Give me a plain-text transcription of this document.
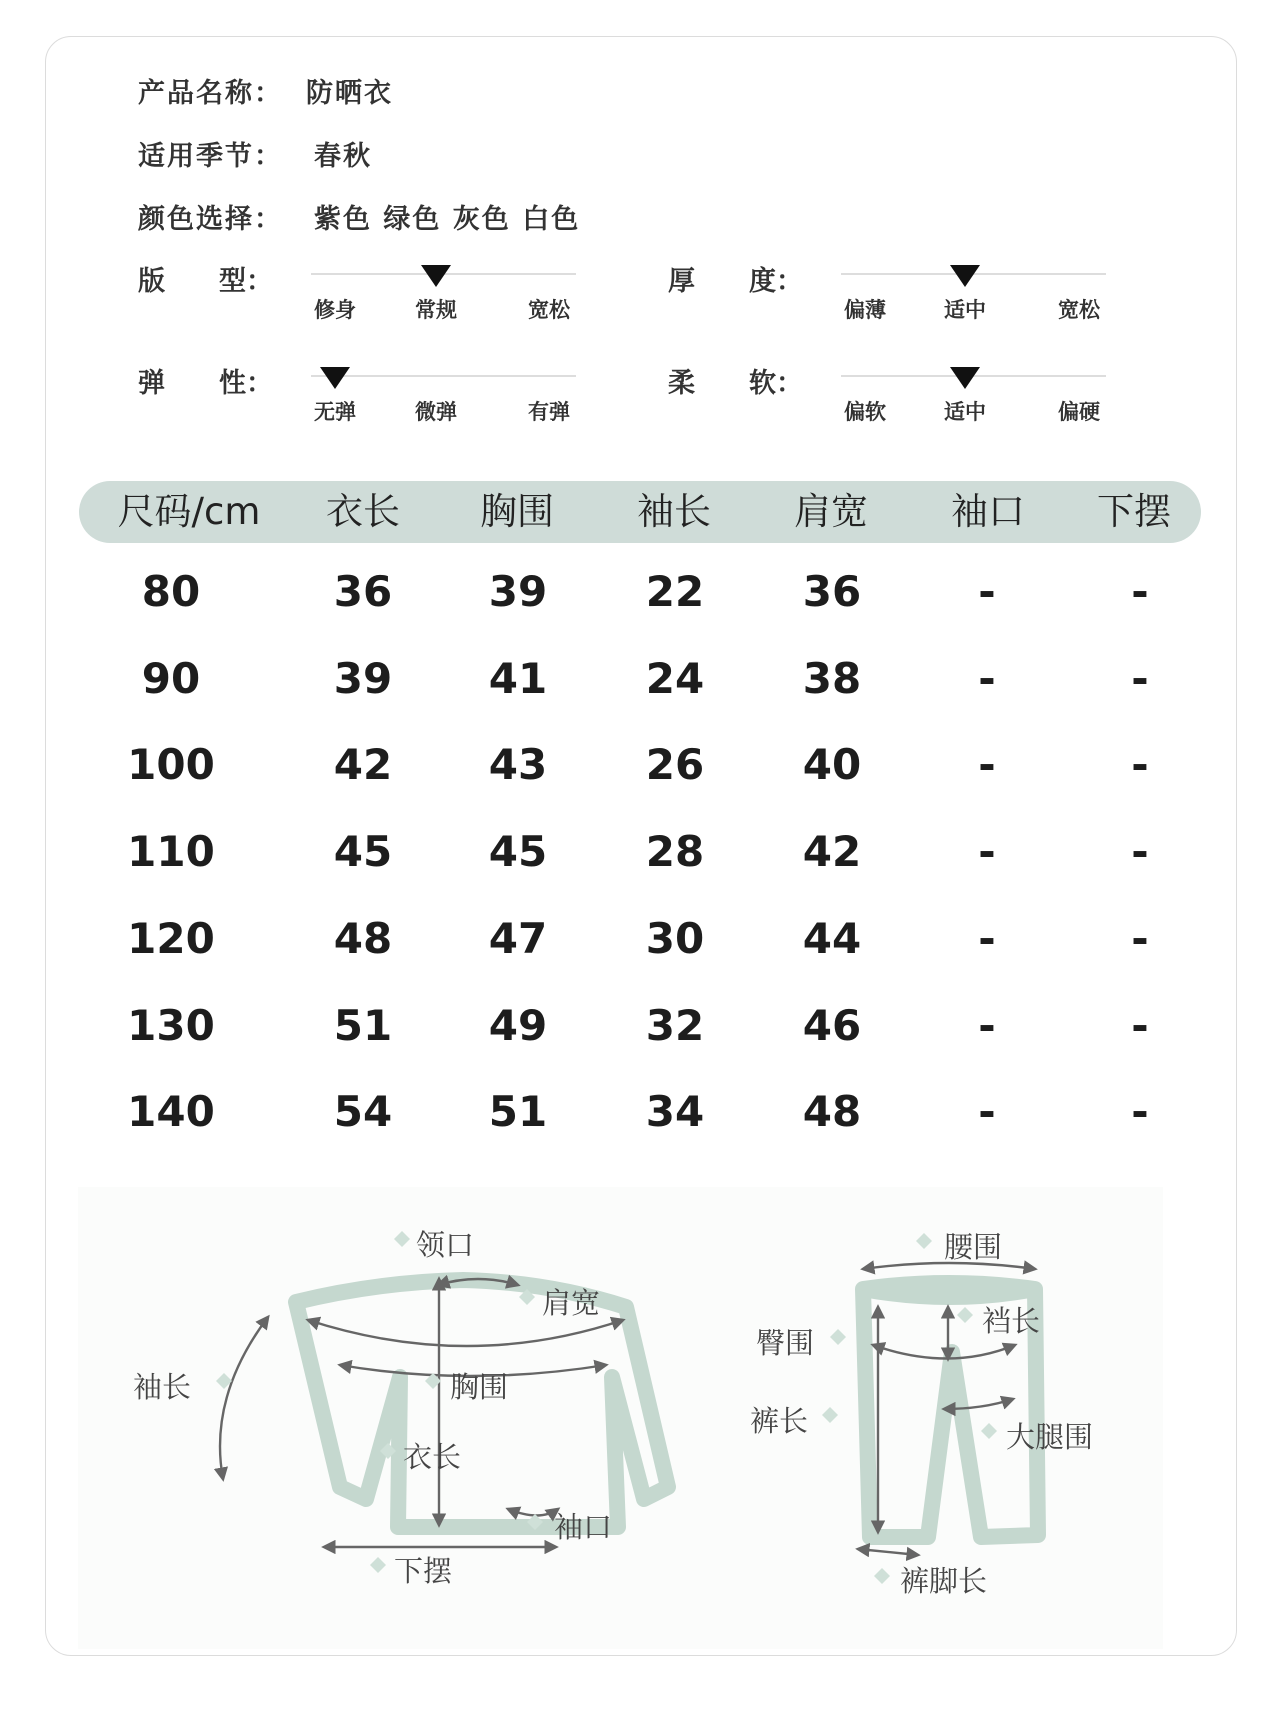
产品名称： 防晒衣
适用季节： 春秋
颜色选择： 紫色 绿色 灰色 白色
版　　型：
修身	常规	宽松
厚　　度：
偏薄	适中	宽松
弹　　性：
无弹	微弹	有弹
柔　　软：
偏软	适中	偏硬
尺码/cm	衣长	胸围	袖长	肩宽	袖口	下摆
80	36	39	22	36	-	-
90	39	41	24	38	-	-
100	42	43	26	40	-	-
110	45	45	28	42	-	-
120	48	47	30	44	-	-
130	51	49	32	46	-	-
140	54	51	34	48	-	-
领口
肩宽
袖长	胸围
衣长
袖口
下摆
腰围
裆长
臀围
裤长	大腿围
裤脚长
